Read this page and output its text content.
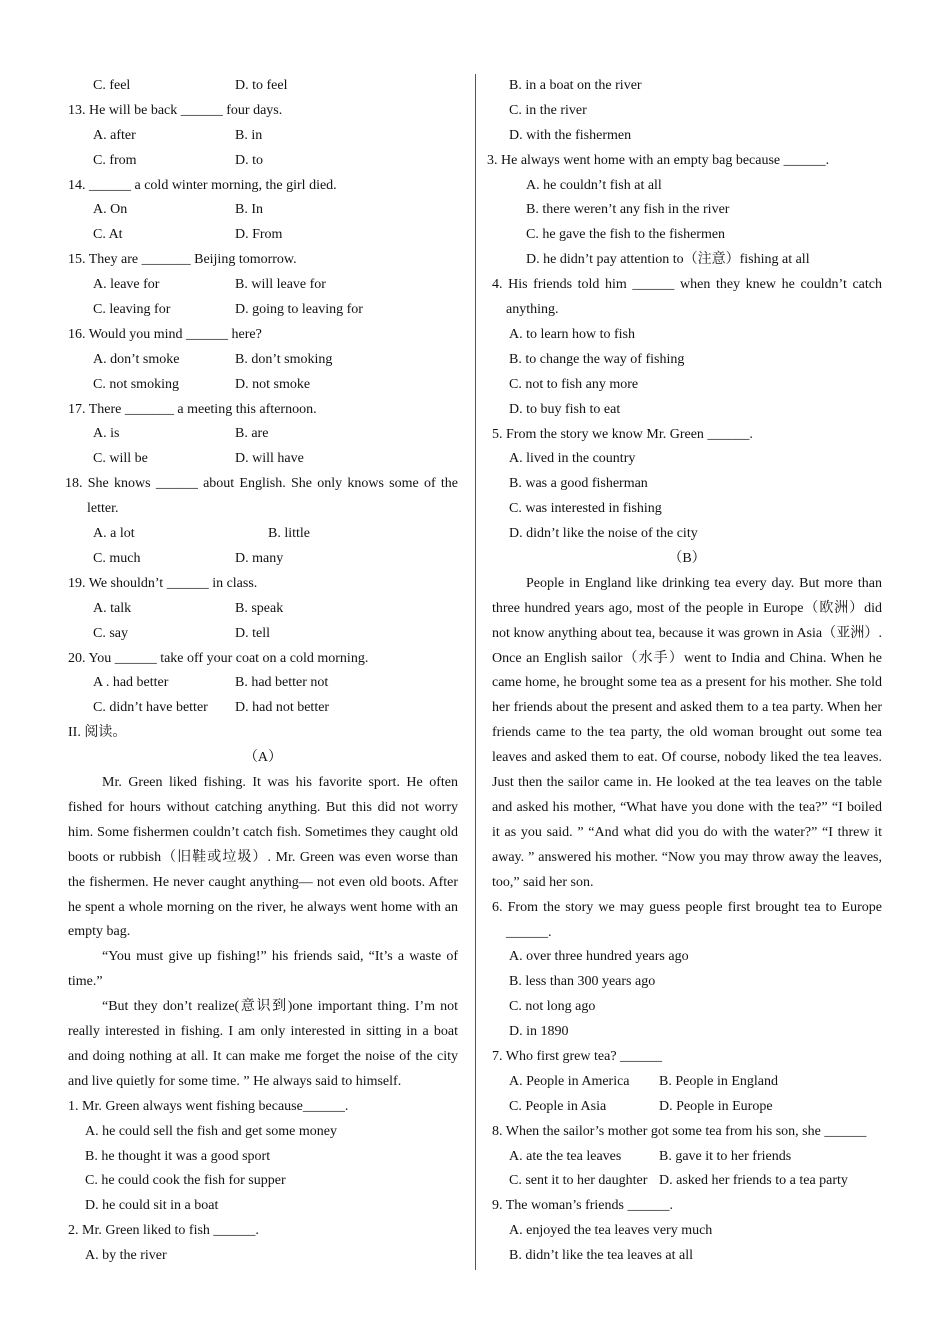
C. feel	D. to feel
13. He will be back ______ four days.
A. after	B. in
C. from	D. to
14. ______ a cold winter morning, the girl died.
A. On	B. In
C. At	D. From
15. They are _______ Beijing tomorrow.
A. leave for	B. will leave for
C. leaving for	D. going to leaving for
16. Would you mind ______ here?
A. don’t smoke	B. don’t smoking
C. not smoking	D. not smoke
17. There _______ a meeting this afternoon.
A. is	B. are
C. will be	D. will have
18. She knows ______ about English. She only knows some of the letter.
A. a lot	B. little
C. much	D. many
19. We shouldn’t ______ in class.
A. talk	B. speak
C. say	D. tell
20. You ______ take off your coat on a cold morning.
A . had better	B. had better not
C. didn’t have better	D. had not better
II. 阅读。
（A）
Mr. Green liked fishing. It was his favorite sport. He often fished for hours without catching anything. But this did not worry him. Some fishermen couldn’t catch fish. Sometimes they caught old boots or rubbish（旧鞋或垃圾）. Mr. Green was even worse than the fishermen. He never caught anything— not even old boots. After he spent a whole morning on the river, he always went home with an empty bag.
“You must give up fishing!” his friends said, “It’s a waste of time.”
“But they don’t realize(意识到)one important thing. I’m not really interested in fishing. I am only interested in sitting in a boat and doing nothing at all. It can make me forget the noise of the city and live quietly for some time. ” He always said to himself.
1. Mr. Green always went fishing because______.
A. he could sell the fish and get some money
B. he thought it was a good sport
C. he could cook the fish for supper
D. he could sit in a boat
2. Mr. Green liked to fish ______.
A. by the river
B. in a boat on the river
C. in the river
D. with the fishermen
3. He always went home with an empty bag because ______.
A. he couldn’t fish at all
B. there weren’t any fish in the river
C. he gave the fish to the fishermen
D. he didn’t pay attention to（注意）fishing at all
4. His friends told him ______ when they knew he couldn’t catch anything.
A. to learn how to fish
B. to change the way of fishing
C. not to fish any more
D. to buy fish to eat
5. From the story we know Mr. Green ______.
A. lived in the country
B. was a good fisherman
C. was interested in fishing
D. didn’t like the noise of the city
（B）
People in England like drinking tea every day. But more than three hundred years ago, most of the people in Europe（欧洲）did not know anything about tea, because it was grown in Asia（亚洲）. Once an English sailor（水手）went to India and China. When he came home, he brought some tea as a present for his mother. She told her friends about the present and asked them to a tea party. When her friends came to the tea party, the old woman brought out some tea leaves and asked them to eat. Of course, nobody liked the tea leaves. Just then the sailor came in. He looked at the tea leaves on the table and asked his mother, “What have you done with the tea?” “I boiled it as you said. ” “And what did you do with the water?” “I threw it away. ” answered his mother. “Now you may throw away the leaves, too,” said her son.
6. From the story we may guess people first brought tea to Europe ______.
A. over three hundred years ago
B. less than 300 years ago
C. not long ago
D. in 1890
7. Who first grew tea? ______
A. People in America	B. People in England
C. People in Asia	D. People in Europe
8. When the sailor’s mother got some tea from his son, she ______
A. ate the tea leaves	B. gave it to her friends
C. sent it to her daughter D. asked her friends to a tea party
9. The woman’s friends ______.
A. enjoyed the tea leaves very much
B. didn’t like the tea leaves at all
